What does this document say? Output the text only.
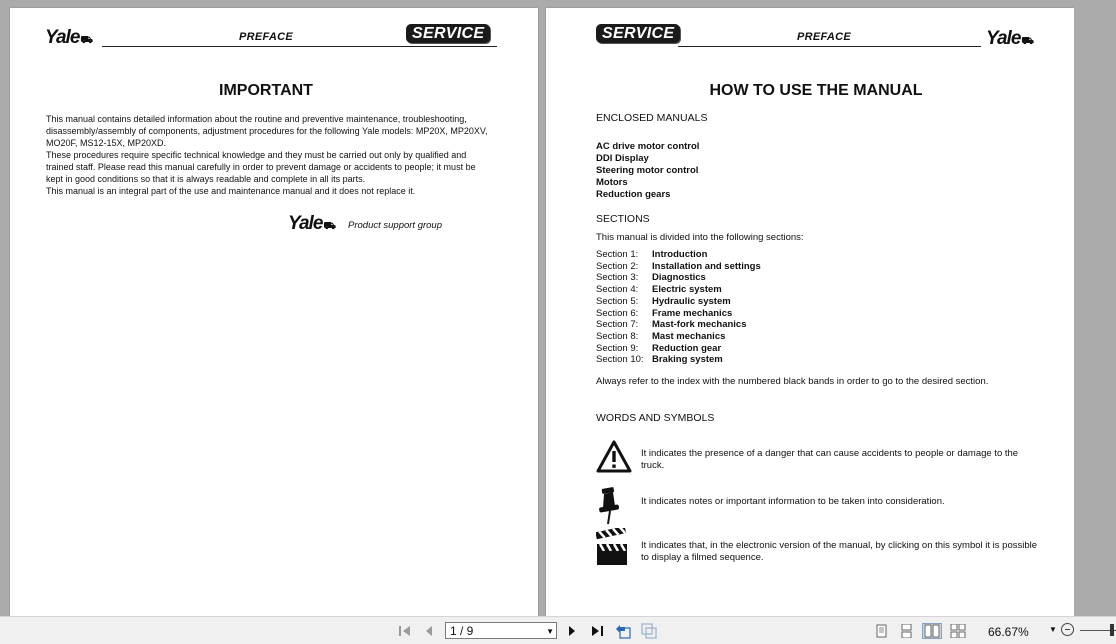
Yale⛟	PREFACE	SERVICE
IMPORTANT
This manual contains detailed information about the routine and preventive maintenance, troubleshooting, disassembly/assembly of components, adjustment procedures for the following Yale models: MP20X, MP20XV, MO20F, MS12-15X, MP20XD.
These procedures require specific technical knowledge and they must be carried out only by qualified and trained staff. Please read this manual carefully in order to prevent damage or accidents to people; it must be kept in good conditions so that it is always readable and complete in all its parts.
This manual is an integral part of the use and maintenance manual and it does not replace it.
Yale⛟ Product support group
SERVICE	PREFACE	Yale⛟
HOW TO USE THE MANUAL
ENCLOSED MANUALS
AC drive motor control
DDI Display
Steering motor control
Motors
Reduction gears
SECTIONS
This manual is divided into the following sections:
Section 1:	Introduction
Section 2:	Installation and settings
Section 3:	Diagnostics
Section 4:	Electric system
Section 5:	Hydraulic system
Section 6:	Frame mechanics
Section 7:	Mast-fork mechanics
Section 8:	Mast mechanics
Section 9:	Reduction gear
Section 10: Braking system
Always refer to the index with the numbered black bands in order to go to the desired section.
WORDS AND SYMBOLS
It indicates the presence of a danger that can cause accidents to people or damage to the truck.
It indicates notes or important information to be taken into consideration.
It indicates that, in the electronic version of the manual, by clicking on this symbol it is possible to display a filmed sequence.
1 / 9	▼	66.67%	▼
